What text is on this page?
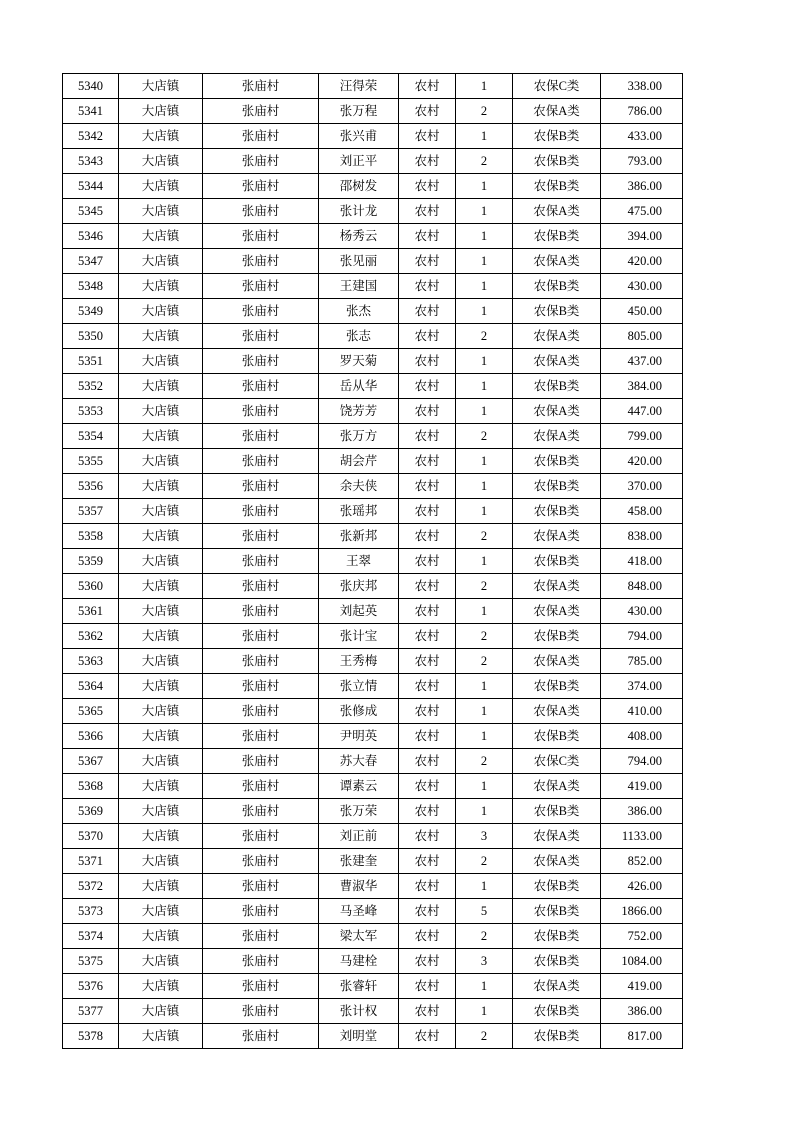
5340	大店镇	张庙村	汪得荣	农村	1	农保C类	338.00
5341	大店镇	张庙村	张万程	农村	2	农保A类	786.00
5342	大店镇	张庙村	张兴甫	农村	1	农保B类	433.00
5343	大店镇	张庙村	刘正平	农村	2	农保B类	793.00
5344	大店镇	张庙村	邵树发	农村	1	农保B类	386.00
5345	大店镇	张庙村	张计龙	农村	1	农保A类	475.00
5346	大店镇	张庙村	杨秀云	农村	1	农保B类	394.00
5347	大店镇	张庙村	张见丽	农村	1	农保A类	420.00
5348	大店镇	张庙村	王建国	农村	1	农保B类	430.00
5349	大店镇	张庙村	张杰	农村	1	农保B类	450.00
5350	大店镇	张庙村	张志	农村	2	农保A类	805.00
5351	大店镇	张庙村	罗天菊	农村	1	农保A类	437.00
5352	大店镇	张庙村	岳从华	农村	1	农保B类	384.00
5353	大店镇	张庙村	饶芳芳	农村	1	农保A类	447.00
5354	大店镇	张庙村	张万方	农村	2	农保A类	799.00
5355	大店镇	张庙村	胡会芹	农村	1	农保B类	420.00
5356	大店镇	张庙村	余夫侠	农村	1	农保B类	370.00
5357	大店镇	张庙村	张瑶邦	农村	1	农保B类	458.00
5358	大店镇	张庙村	张新邦	农村	2	农保A类	838.00
5359	大店镇	张庙村	王翠	农村	1	农保B类	418.00
5360	大店镇	张庙村	张庆邦	农村	2	农保A类	848.00
5361	大店镇	张庙村	刘起英	农村	1	农保A类	430.00
5362	大店镇	张庙村	张计宝	农村	2	农保B类	794.00
5363	大店镇	张庙村	王秀梅	农村	2	农保A类	785.00
5364	大店镇	张庙村	张立情	农村	1	农保B类	374.00
5365	大店镇	张庙村	张修成	农村	1	农保A类	410.00
5366	大店镇	张庙村	尹明英	农村	1	农保B类	408.00
5367	大店镇	张庙村	苏大春	农村	2	农保C类	794.00
5368	大店镇	张庙村	谭素云	农村	1	农保A类	419.00
5369	大店镇	张庙村	张万荣	农村	1	农保B类	386.00
5370	大店镇	张庙村	刘正前	农村	3	农保A类	1133.00
5371	大店镇	张庙村	张建奎	农村	2	农保A类	852.00
5372	大店镇	张庙村	曹淑华	农村	1	农保B类	426.00
5373	大店镇	张庙村	马圣峰	农村	5	农保B类	1866.00
5374	大店镇	张庙村	梁太军	农村	2	农保B类	752.00
5375	大店镇	张庙村	马建栓	农村	3	农保B类	1084.00
5376	大店镇	张庙村	张睿轩	农村	1	农保A类	419.00
5377	大店镇	张庙村	张计权	农村	1	农保B类	386.00
5378	大店镇	张庙村	刘明堂	农村	2	农保B类	817.00
